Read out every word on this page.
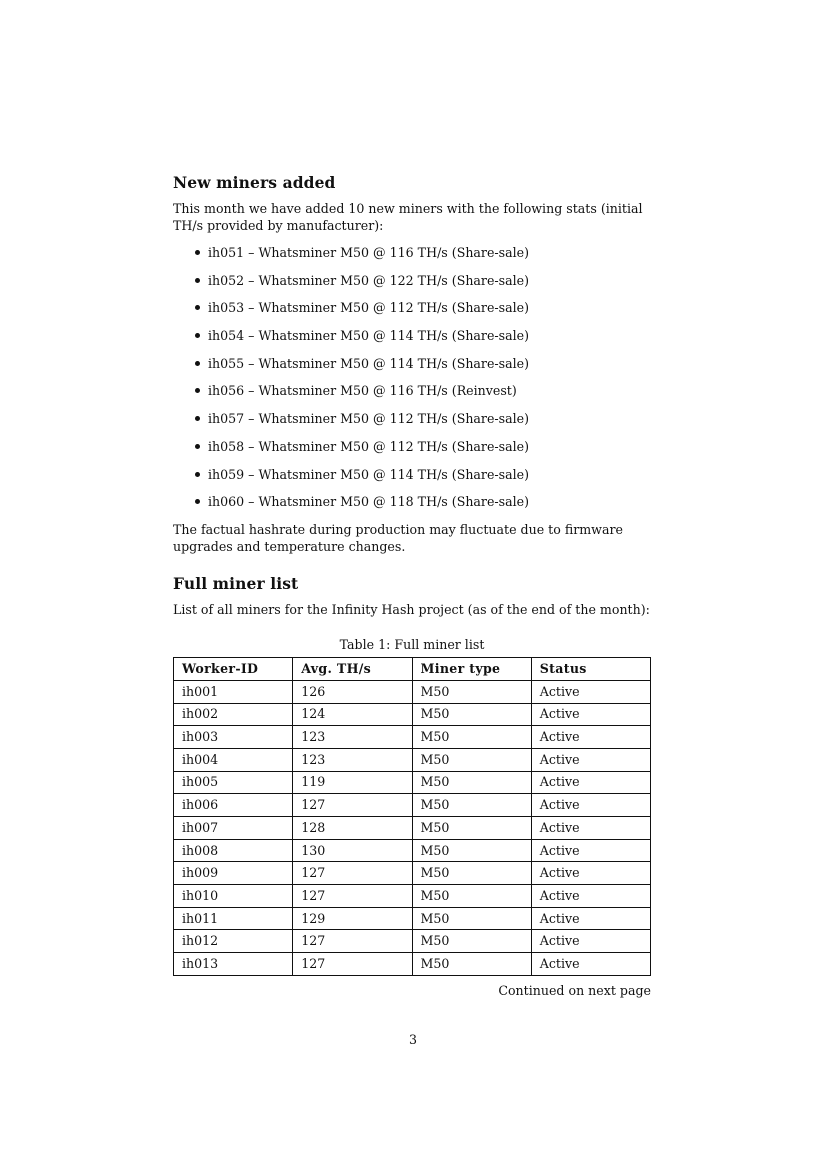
New miners added

This month we have added 10 new miners with the following stats (initial TH/s provided by manufacturer):

ih051 – Whatsminer M50 @ 116 TH/s (Share-sale)
ih052 – Whatsminer M50 @ 122 TH/s (Share-sale)
ih053 – Whatsminer M50 @ 112 TH/s (Share-sale)
ih054 – Whatsminer M50 @ 114 TH/s (Share-sale)
ih055 – Whatsminer M50 @ 114 TH/s (Share-sale)
ih056 – Whatsminer M50 @ 116 TH/s (Reinvest)
ih057 – Whatsminer M50 @ 112 TH/s (Share-sale)
ih058 – Whatsminer M50 @ 112 TH/s (Share-sale)
ih059 – Whatsminer M50 @ 114 TH/s (Share-sale)
ih060 – Whatsminer M50 @ 118 TH/s (Share-sale)

The factual hashrate during production may fluctuate due to firmware upgrades and temperature changes.

Full miner list

List of all miners for the Infinity Hash project (as of the end of the month):

Table 1: Full miner list
Worker-ID	Avg. TH/s	Miner type	Status
ih001	126	M50	Active
ih002	124	M50	Active
ih003	123	M50	Active
ih004	123	M50	Active
ih005	119	M50	Active
ih006	127	M50	Active
ih007	128	M50	Active
ih008	130	M50	Active
ih009	127	M50	Active
ih010	127	M50	Active
ih011	129	M50	Active
ih012	127	M50	Active
ih013	127	M50	Active
Continued on next page
3
